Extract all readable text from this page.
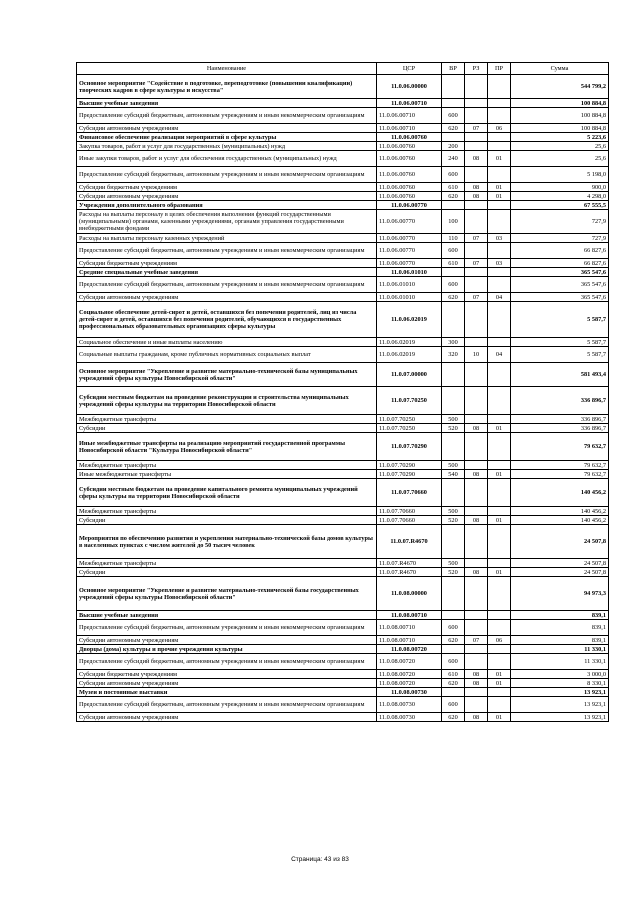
Наименование	ЦСР	ВР	РЗ	ПР	Сумма
Основное мероприятие "Содействие в подготовке, переподготовке (повышении квалификации) творческих кадров в сфере культуры и искусства"	11.0.06.00000				544 799,2
Высшие учебные заведения	11.0.06.00710				100 884,8
Предоставление субсидий бюджетным, автономным учреждениям и иным некоммерческим организациям	11.0.06.00710	600			100 884,8
Субсидии автономным учреждениям	11.0.06.00710	620	07	06	100 884,8
Финансовое обеспечение реализации мероприятий в сфере культуры	11.0.06.00760				5 223,6
Закупка товаров, работ и услуг для государственных (муниципальных) нужд	11.0.06.00760	200			25,6
Иные закупки товаров, работ и услуг для обеспечения государственных (муниципальных) нужд	11.0.06.00760	240	08	01	25,6
Предоставление субсидий бюджетным, автономным учреждениям и иным некоммерческим организациям	11.0.06.00760	600			5 198,0
Субсидии бюджетным учреждениям	11.0.06.00760	610	08	01	900,0
Субсидии автономным учреждениям	11.0.06.00760	620	08	01	4 298,0
Учреждения дополнительного образования	11.0.06.00770				67 555,5
Расходы на выплаты персоналу в целях обеспечения выполнения функций государственными (муниципальными) органами, казенными учреждениями, органами управления государственными внебюджетными фондами	11.0.06.00770	100			727,9
Расходы на выплаты персоналу казенных учреждений	11.0.06.00770	110	07	03	727,9
Предоставление субсидий бюджетным, автономным учреждениям и иным некоммерческим организациям	11.0.06.00770	600			66 827,6
Субсидии бюджетным учреждениям	11.0.06.00770	610	07	03	66 827,6
Средние специальные учебные заведения	11.0.06.01010				365 547,6
Предоставление субсидий бюджетным, автономным учреждениям и иным некоммерческим организациям	11.0.06.01010	600			365 547,6
Субсидии автономным учреждениям	11.0.06.01010	620	07	04	365 547,6
Социальное обеспечение детей-сирот и детей, оставшихся без попечения родителей, лиц из числа детей-сирот и детей, оставшихся без попечения родителей, обучающихся в государственных профессиональных образовательных организациях сферы культуры	11.0.06.02019				5 587,7
Социальное обеспечение и иные выплаты населению	11.0.06.02019	300			5 587,7
Социальные выплаты гражданам, кроме публичных нормативных социальных выплат	11.0.06.02019	320	10	04	5 587,7
Основное мероприятие "Укрепление и развитие материально-технической базы муниципальных учреждений сферы культуры Новосибирской области"	11.0.07.00000				581 493,4
Субсидии местным бюджетам на проведение реконструкции и строительства муниципальных учреждений сферы культуры на территории Новосибирской области	11.0.07.70250				336 896,7
Межбюджетные трансферты	11.0.07.70250	500			336 896,7
Субсидии	11.0.07.70250	520	08	01	336 896,7
Иные межбюджетные трансферты на реализацию мероприятий государственной программы Новосибирской области "Культура Новосибирской области"	11.0.07.70290				79 632,7
Межбюджетные трансферты	11.0.07.70290	500			79 632,7
Иные межбюджетные трансферты	11.0.07.70290	540	08	01	79 632,7
Субсидии местным бюджетам на проведение капитального ремонта муниципальных учреждений сферы культуры на территории Новосибирской области	11.0.07.70660				140 456,2
Межбюджетные трансферты	11.0.07.70660	500			140 456,2
Субсидии	11.0.07.70660	520	08	01	140 456,2
Мероприятия по обеспечению развития и укрепления материально-технической базы домов культуры в населенных пунктах с числом жителей до 50 тысяч человек	11.0.07.R4670				24 507,8
Межбюджетные трансферты	11.0.07.R4670	500			24 507,8
Субсидии	11.0.07.R4670	520	08	01	24 507,8
Основное мероприятие "Укрепление и развитие материально-технической базы государственных учреждений сферы культуры Новосибирской области"	11.0.08.00000				94 973,3
Высшие учебные заведения	11.0.08.00710				839,1
Предоставление субсидий бюджетным, автономным учреждениям и иным некоммерческим организациям	11.0.08.00710	600			839,1
Субсидии автономным учреждениям	11.0.08.00710	620	07	06	839,1
Дворцы (дома) культуры и прочие учреждения культуры	11.0.08.00720				11 330,1
Предоставление субсидий бюджетным, автономным учреждениям и иным некоммерческим организациям	11.0.08.00720	600			11 330,1
Субсидии бюджетным учреждениям	11.0.08.00720	610	08	01	3 000,0
Субсидии автономным учреждениям	11.0.08.00720	620	08	01	8 330,1
Музеи и постоянные выставки	11.0.08.00730				13 923,1
Предоставление субсидий бюджетным, автономным учреждениям и иным некоммерческим организациям	11.0.08.00730	600			13 923,1
Субсидии автономным учреждениям	11.0.08.00730	620	08	01	13 923,1
Страница: 43 из 83
